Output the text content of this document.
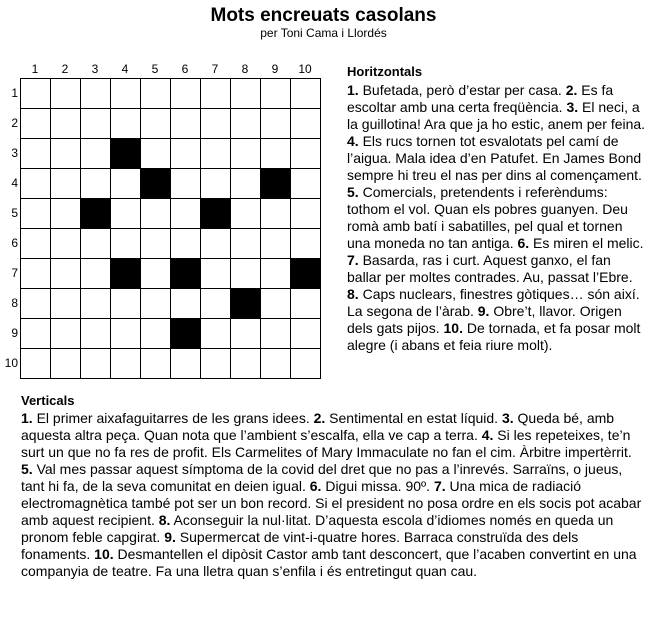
Mots encreuats casolans
per Toni Cama i Llordés
1	2	3	4	5	6	7	8	9	10
1
2
3
4
5
6
7
8
9
10
Horitzontals
1. Bufetada, però d’estar per casa. 2. Es fa escoltar amb una certa freqüència. 3. El neci, a la guillotina! Ara que ja ho estic, anem per feina. 4. Els rucs tornen tot esvalotats pel camí de l’aigua. Mala idea d’en Patufet. En James Bond sempre hi treu el nas per dins al començament. 5. Comercials, pretendents i referèndums: tothom el vol. Quan els pobres guanyen. Deu romà amb batí i sabatilles, pel qual et tornen una moneda no tan antiga. 6. Es miren el melic. 7. Basarda, ras i curt. Aquest ganxo, el fan ballar per moltes contrades. Au, passat l’Ebre. 8. Caps nuclears, finestres gòtiques… són així. La segona de l’àrab. 9. Obre’t, llavor. Origen dels gats pijos. 10. De tornada, et fa posar molt alegre (i abans et feia riure molt).
Verticals
1. El primer aixafaguitarres de les grans idees. 2. Sentimental en estat líquid. 3. Queda bé, amb aquesta altra peça. Quan nota que l’ambient s’escalfa, ella ve cap a terra. 4. Si les repeteixes, te’n surt un que no fa res de profit. Els Carmelites of Mary Immaculate no fan el cim. Àrbitre impertèrrit. 5. Val mes passar aquest símptoma de la covid del dret que no pas a l’inrevés. Sarraïns, o jueus, tant hi fa, de la seva comunitat en deien igual. 6. Digui missa. 90º. 7. Una mica de radiació electromagnètica també pot ser un bon record. Si el president no posa ordre en els socis pot acabar amb aquest recipient. 8. Aconseguir la nul·litat. D’aquesta escola d’idiomes només en queda un pronom feble capgirat. 9. Supermercat de vint-i-quatre hores. Barraca construïda des dels fonaments. 10. Desmantellen el dipòsit Castor amb tant desconcert, que l’acaben convertint en una companyia de teatre. Fa una lletra quan s’enfila i és entretingut quan cau.
